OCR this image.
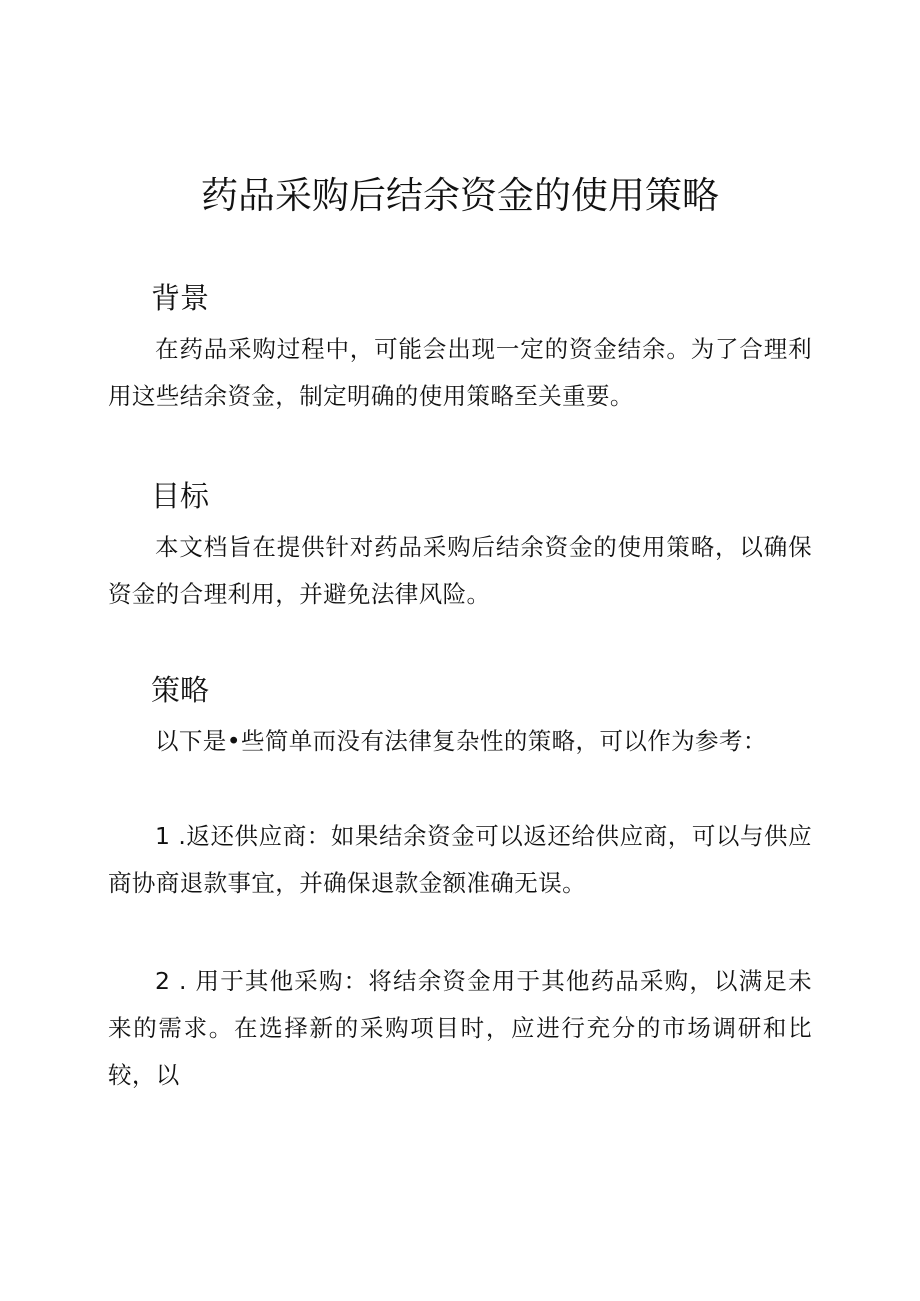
药品采购后结余资金的使用策略
背景

在药品采购过程中，可能会出现一定的资金结余。为了合理利用这些结余资金，制定明确的使用策略至关重要。

目标

本文档旨在提供针对药品采购后结余资金的使用策略，以确保资金的合理利用，并避免法律风险。

策略

以下是•些简单而没有法律复杂性的策略，可以作为参考：

1 .返还供应商：如果结余资金可以返还给供应商，可以与供应商协商退款事宜，并确保退款金额准确无误。

2 . 用于其他采购：将结余资金用于其他药品采购，以满足未来的需求。在选择新的采购项目时，应进行充分的市场调研和比较，以
